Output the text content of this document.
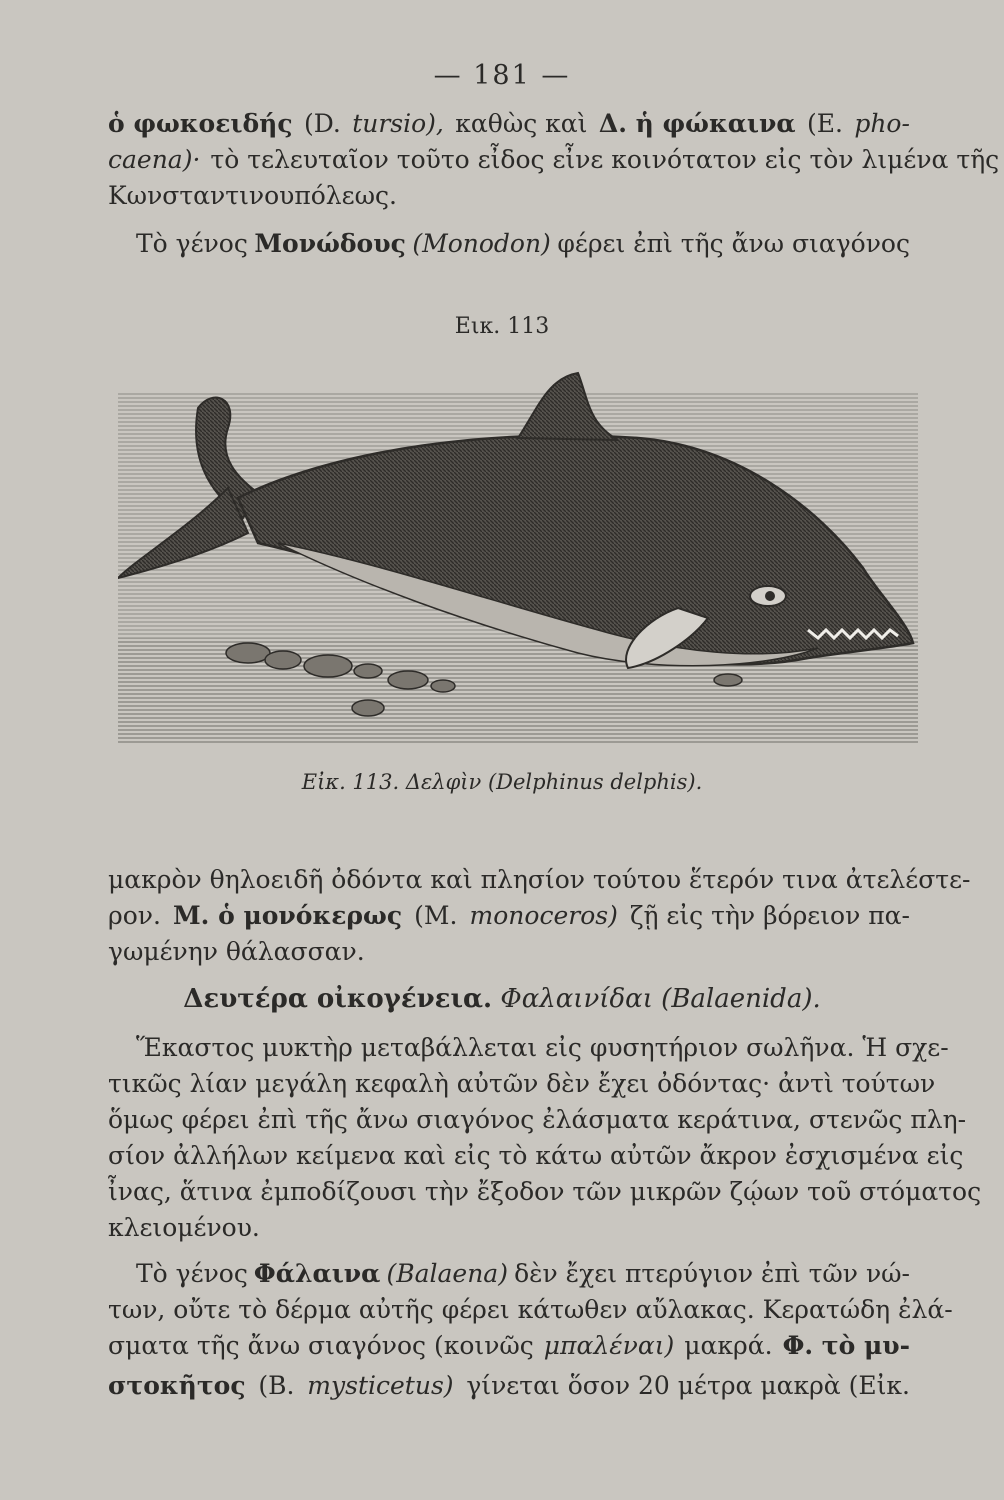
— 181 —
ὁ φωκοειδής (D. tursio), καθὼς καὶ Δ. ἡ φώκαινα (E. pho-
caena)· τὸ τελευταῖον τοῦτο εἶδος εἶνε κοινότατον εἰς τὸν λιμένα τῆς
Κωνσταντινουπόλεως.
Τὸ γένος Μονώδους (Monodon) φέρει ἐπὶ τῆς ἄνω σιαγόνος
Εικ. 113
Εἰκ. 113. Δελφὶν (Delphinus delphis).
μακρὸν θηλοειδῆ ὀδόντα καὶ πλησίον τούτου ἕτερόν τινα ἀτελέστε-
ρον. Μ. ὁ μονόκερως (M. monoceros) ζῇ εἰς τὴν βόρειον πα-
γωμένην θάλασσαν.
Δευτέρα οἰκογένεια. Φαλαινίδαι (Balaenida).
Ἕκαστος μυκτὴρ μεταβάλλεται εἰς φυσητήριον σωλῆνα. Ἡ σχε-
τικῶς λίαν μεγάλη κεφαλὴ αὐτῶν δὲν ἔχει ὀδόντας· ἀντὶ τούτων
ὅμως φέρει ἐπὶ τῆς ἄνω σιαγόνος ἐλάσματα κεράτινα, στενῶς πλη-
σίον ἀλλήλων κείμενα καὶ εἰς τὸ κάτω αὐτῶν ἄκρον ἐσχισμένα εἰς
ἶνας, ἅτινα ἐμποδίζουσι τὴν ἔξοδον τῶν μικρῶν ζῴων τοῦ στόματος
κλειομένου.
Τὸ γένος Φάλαινα (Balaena) δὲν ἔχει πτερύγιον ἐπὶ τῶν νώ-
των, οὔτε τὸ δέρμα αὐτῆς φέρει κάτωθεν αὔλακας. Κερατώδη ἐλά-
σματα τῆς ἄνω σιαγόνος (κοινῶς μπαλέναι) μακρά. Φ. τὸ μυ-
στοκῆτος (B. mysticetus) γίνεται ὅσον 20 μέτρα μακρὰ (Εἰκ.
